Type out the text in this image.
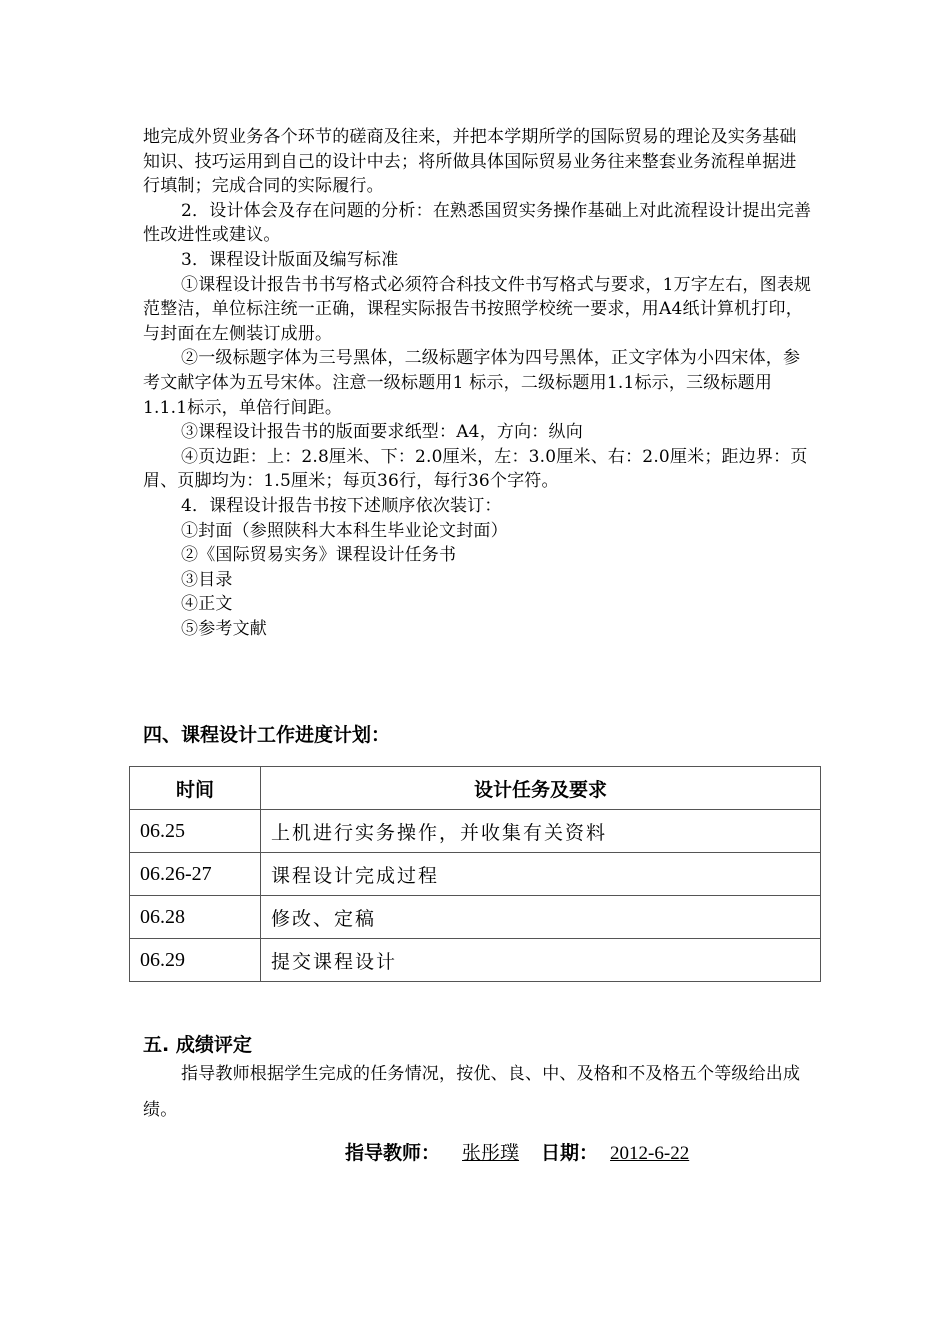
地完成外贸业务各个环节的磋商及往来，并把本学期所学的国际贸易的理论及实务基础知识、技巧运用到自己的设计中去；将所做具体国际贸易业务往来整套业务流程单据进行填制；完成合同的实际履行。

2．设计体会及存在问题的分析：在熟悉国贸实务操作基础上对此流程设计提出完善性改进性或建议。

3．课程设计版面及编写标准

①课程设计报告书书写格式必须符合科技文件书写格式与要求，1万字左右，图表规范整洁，单位标注统一正确，课程实际报告书按照学校统一要求，用A4纸计算机打印，与封面在左侧装订成册。

②一级标题字体为三号黑体，二级标题字体为四号黑体，正文字体为小四宋体，参考文献字体为五号宋体。注意一级标题用1 标示，二级标题用1.1标示，三级标题用1.1.1标示，单倍行间距。

③课程设计报告书的版面要求纸型：A4，方向：纵向

④页边距：上：2.8厘米、下：2.0厘米，左：3.0厘米、右：2.0厘米；距边界：页眉、页脚均为：1.5厘米；每页36行，每行36个字符。

4．课程设计报告书按下述顺序依次装订：

①封面（参照陕科大本科生毕业论文封面）

②《国际贸易实务》课程设计任务书

③目录

④正文

⑤参考文献

四、课程设计工作进度计划：
时间	设计任务及要求
06.25	上机进行实务操作，并收集有关资料
06.26-27	课程设计完成过程
06.28	修改、定稿
06.29	提交课程设计
五. 成绩评定

指导教师根据学生完成的任务情况，按优、良、中、及格和不及格五个等级给出成绩。

指导教师： 张彤璞 日期： 2012-6-22
